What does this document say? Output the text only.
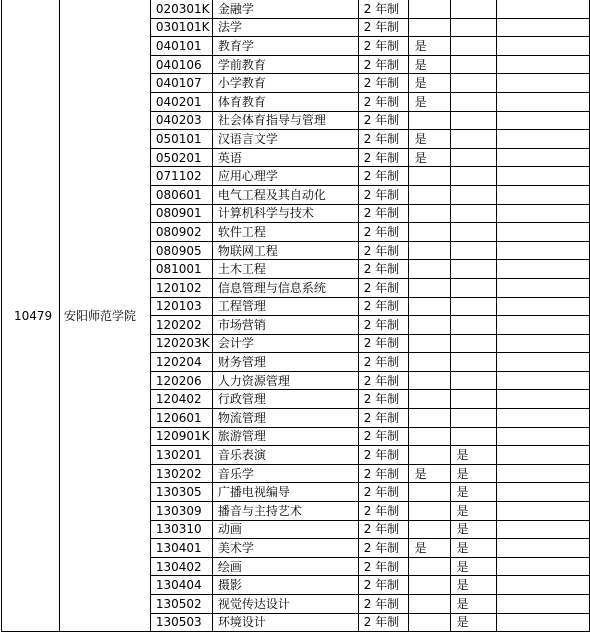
10479	安阳师范学院	020301K	金融学	2 年制			
		030101K	法学	2 年制			
		040101	教育学	2 年制	是		
		040106	学前教育	2 年制	是		
		040107	小学教育	2 年制	是		
		040201	体育教育	2 年制	是		
		040203	社会体育指导与管理	2 年制			
		050101	汉语言文学	2 年制	是		
		050201	英语	2 年制	是		
		071102	应用心理学	2 年制			
		080601	电气工程及其自动化	2 年制			
		080901	计算机科学与技术	2 年制			
		080902	软件工程	2 年制			
		080905	物联网工程	2 年制			
		081001	土木工程	2 年制			
		120102	信息管理与信息系统	2 年制			
		120103	工程管理	2 年制			
		120202	市场营销	2 年制			
		120203K	会计学	2 年制			
		120204	财务管理	2 年制			
		120206	人力资源管理	2 年制			
		120402	行政管理	2 年制			
		120601	物流管理	2 年制			
		120901K	旅游管理	2 年制			
		130201	音乐表演	2 年制		是	
		130202	音乐学	2 年制	是	是	
		130305	广播电视编导	2 年制		是	
		130309	播音与主持艺术	2 年制		是	
		130310	动画	2 年制		是	
		130401	美术学	2 年制	是	是	
		130402	绘画	2 年制		是	
		130404	摄影	2 年制		是	
		130502	视觉传达设计	2 年制		是	
		130503	环境设计	2 年制		是	
